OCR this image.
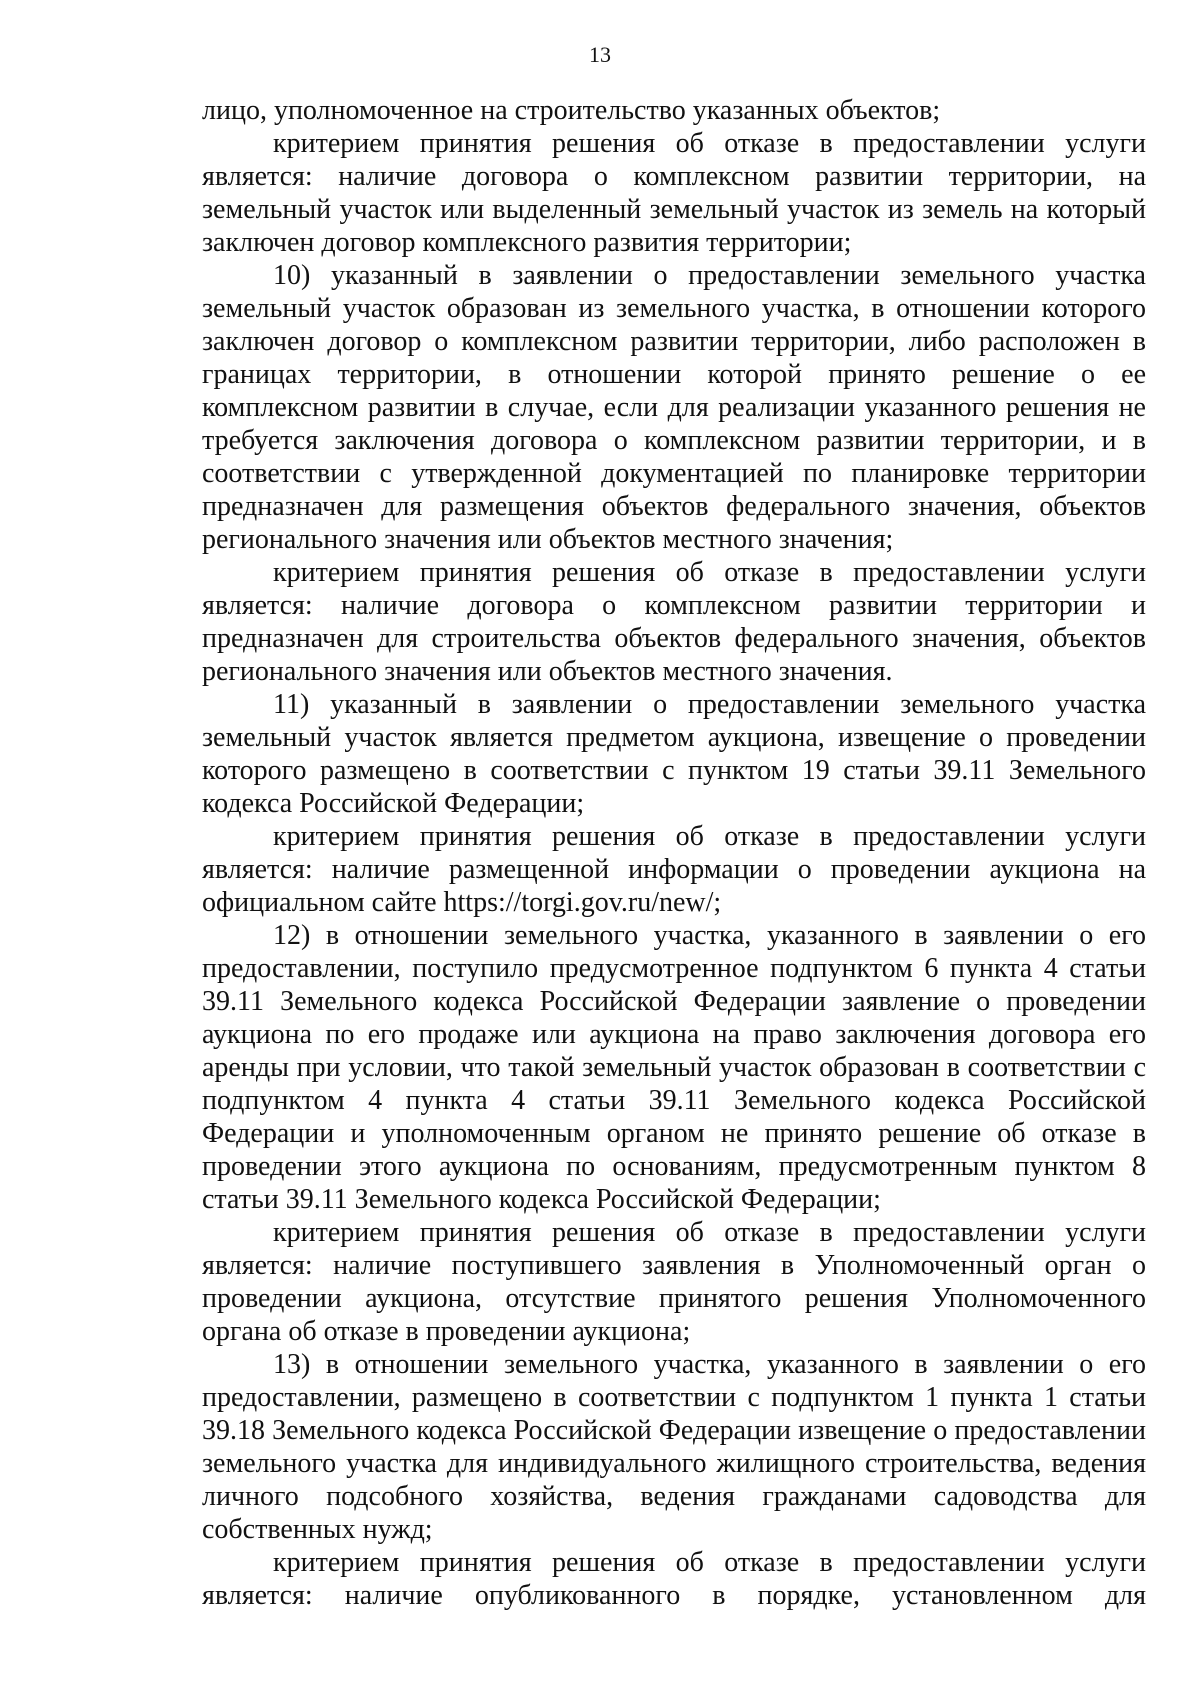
13

лицо, уполномоченное на строительство указанных объектов;

критерием принятия решения об отказе в предоставлении услуги является: наличие договора о комплексном развитии территории, на земельный участок или выделенный земельный участок из земель на который заключен договор комплексного развития территории;

10) указанный в заявлении о предоставлении земельного участка земельный участок образован из земельного участка, в отношении которого заключен договор о комплексном развитии территории, либо расположен в границах территории, в отношении которой принято решение о ее комплексном развитии в случае, если для реализации указанного решения не требуется заключения договора о комплексном развитии территории, и в соответствии с утвержденной документацией по планировке территории предназначен для размещения объектов федерального значения, объектов регионального значения или объектов местного значения;

критерием принятия решения об отказе в предоставлении услуги является: наличие договора о комплексном развитии территории и предназначен для строительства объектов федерального значения, объектов регионального значения или объектов местного значения.

11) указанный в заявлении о предоставлении земельного участка земельный участок является предметом аукциона, извещение о проведении которого размещено в соответствии с пунктом 19 статьи 39.11 Земельного кодекса Российской Федерации;

критерием принятия решения об отказе в предоставлении услуги является: наличие размещенной информации о проведении аукциона на официальном сайте https://torgi.gov.ru/new/;

12) в отношении земельного участка, указанного в заявлении о его предоставлении, поступило предусмотренное подпунктом 6 пункта 4 статьи 39.11 Земельного кодекса Российской Федерации заявление о проведении аукциона по его продаже или аукциона на право заключения договора его аренды при условии, что такой земельный участок образован в соответствии с подпунктом 4 пункта 4 статьи 39.11 Земельного кодекса Российской Федерации и уполномоченным органом не принято решение об отказе в проведении этого аукциона по основаниям, предусмотренным пунктом 8 статьи 39.11 Земельного кодекса Российской Федерации;

критерием принятия решения об отказе в предоставлении услуги является: наличие поступившего заявления в Уполномоченный орган о проведении аукциона, отсутствие принятого решения Уполномоченного органа об отказе в проведении аукциона;

13) в отношении земельного участка, указанного в заявлении о его предоставлении, размещено в соответствии с подпунктом 1 пункта 1 статьи 39.18 Земельного кодекса Российской Федерации извещение о предоставлении земельного участка для индивидуального жилищного строительства, ведения личного подсобного хозяйства, ведения гражданами садоводства для собственных нужд;

критерием принятия решения об отказе в предоставлении услуги является: наличие опубликованного в порядке, установленном для
